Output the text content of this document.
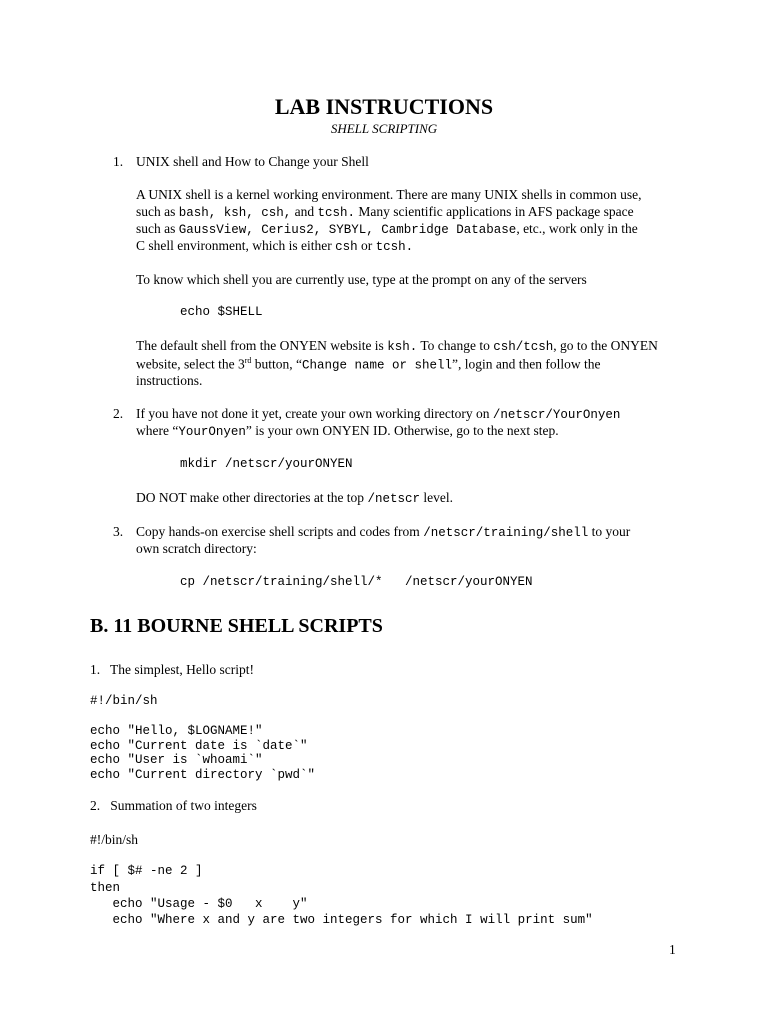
LAB INSTRUCTIONS
SHELL SCRIPTING
1. UNIX shell and How to Change your Shell
A UNIX shell is a kernel working environment. There are many UNIX shells in common use,
such as bash, ksh, csh, and tcsh. Many scientific applications in AFS package space
such as GaussView, Cerius2, SYBYL, Cambridge Database, etc., work only in the
C shell environment, which is either csh or tcsh.
To know which shell you are currently use, type at the prompt on any of the servers
echo $SHELL
The default shell from the ONYEN website is ksh. To change to csh/tcsh, go to the ONYEN
website, select the 3rd button, “Change name or shell”, login and then follow the
instructions.
2. If you have not done it yet, create your own working directory on /netscr/YourOnyen
where “YourOnyen” is your own ONYEN ID. Otherwise, go to the next step.
mkdir /netscr/yourONYEN
DO NOT make other directories at the top /netscr level.
3. Copy hands-on exercise shell scripts and codes from /netscr/training/shell to your
own scratch directory:
cp /netscr/training/shell/*   /netscr/yourONYEN
B. 11 BOURNE SHELL SCRIPTS
1.   The simplest, Hello script!
#!/bin/sh
echo "Hello, $LOGNAME!"
echo "Current date is `date`"
echo "User is `whoami`"
echo "Current directory `pwd`"
2.   Summation of two integers
#!/bin/sh
if [ $# -ne 2 ]
then
echo "Usage - $0   x    y"
echo "Where x and y are two integers for which I will print sum"
1
